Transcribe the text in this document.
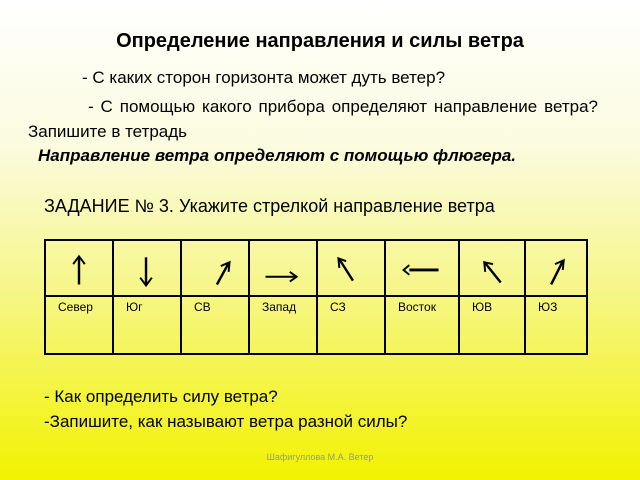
Определение направления и силы ветра
- С каких сторон горизонта может дуть ветер?
- С помощью какого прибора определяют направление ветра? Запишите в тетрадь
Направление ветра определяют с помощью флюгера.
ЗАДАНИЕ № 3. Укажите стрелкой направление ветра

Север	Юг	СВ	Запад	СЗ	Восток	ЮВ	ЮЗ
- Как определить силу ветра?
-Запишите, как называют ветра разной силы?
Шафигуллова М.А. Ветер
